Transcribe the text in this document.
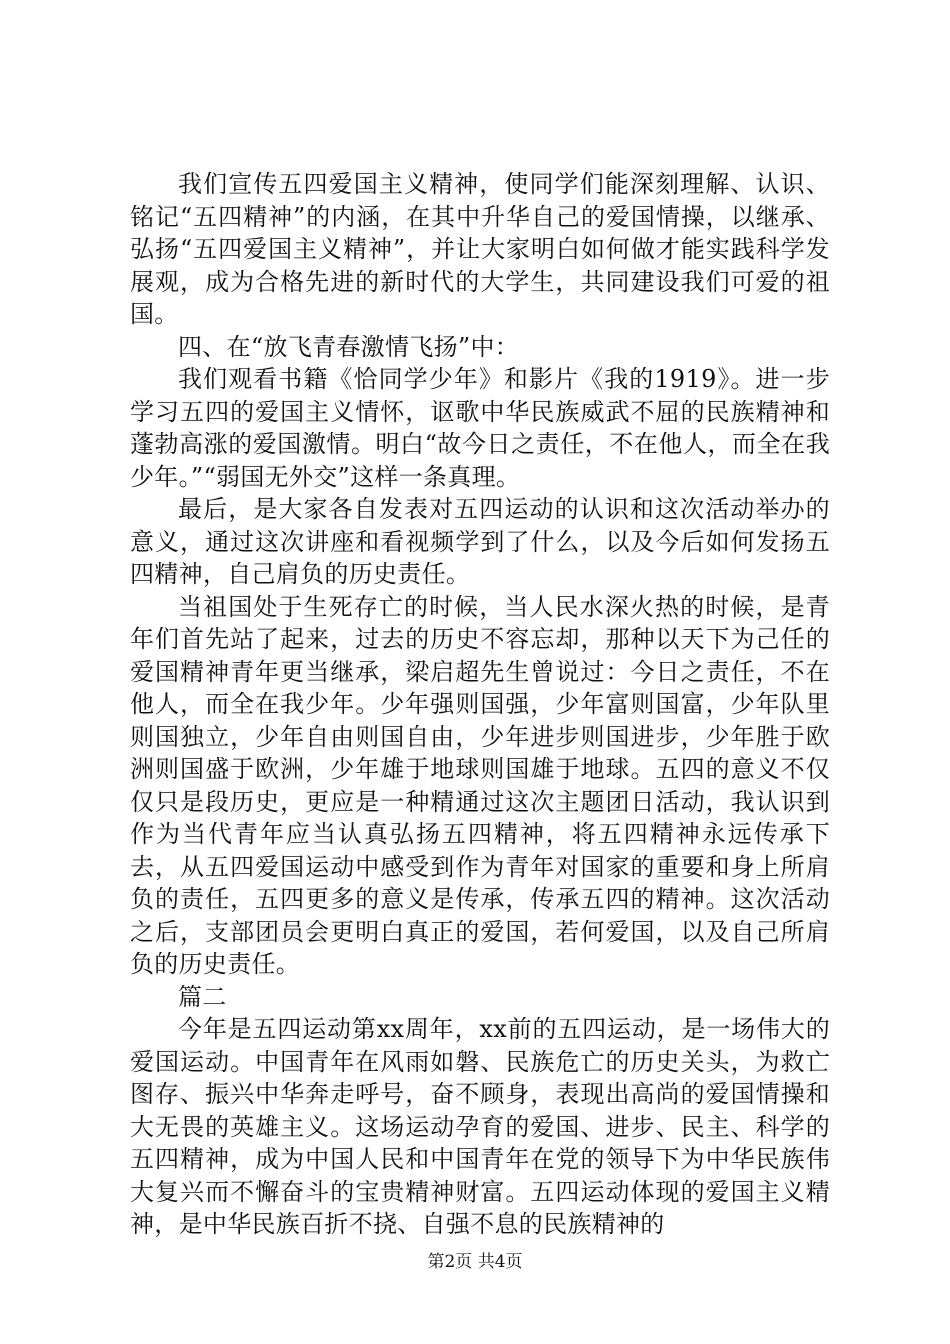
我们宣传五四爱国主义精神，使同学们能深刻理解、认识、铭记“五四精神”的内涵，在其中升华自己的爱国情操，以继承、弘扬“五四爱国主义精神”，并让大家明白如何做才能实践科学发展观，成为合格先进的新时代的大学生，共同建设我们可爱的祖国。

四、在“放飞青春激情飞扬”中：

我们观看书籍《恰同学少年》和影片《我的1919》。进一步学习五四的爱国主义情怀，讴歌中华民族威武不屈的民族精神和蓬勃高涨的爱国激情。明白“故今日之责任，不在他人，而全在我少年。”“弱国无外交”这样一条真理。

最后，是大家各自发表对五四运动的认识和这次活动举办的意义，通过这次讲座和看视频学到了什么，以及今后如何发扬五四精神，自己肩负的历史责任。

当祖国处于生死存亡的时候，当人民水深火热的时候，是青年们首先站了起来，过去的历史不容忘却，那种以天下为己任的爱国精神青年更当继承，梁启超先生曾说过：今日之责任，不在他人，而全在我少年。少年强则国强，少年富则国富，少年队里则国独立，少年自由则国自由，少年进步则国进步，少年胜于欧洲则国盛于欧洲，少年雄于地球则国雄于地球。五四的意义不仅仅只是段历史，更应是一种精通过这次主题团日活动，我认识到作为当代青年应当认真弘扬五四精神，将五四精神永远传承下去，从五四爱国运动中感受到作为青年对国家的重要和身上所肩负的责任，五四更多的意义是传承，传承五四的精神。这次活动之后，支部团员会更明白真正的爱国，若何爱国，以及自己所肩负的历史责任。

篇二

今年是五四运动第xx周年，xx前的五四运动，是一场伟大的爱国运动。中国青年在风雨如磐、民族危亡的历史关头，为救亡图存、振兴中华奔走呼号，奋不顾身，表现出高尚的爱国情操和大无畏的英雄主义。这场运动孕育的爱国、进步、民主、科学的五四精神，成为中国人民和中国青年在党的领导下为中华民族伟大复兴而不懈奋斗的宝贵精神财富。五四运动体现的爱国主义精神，是中华民族百折不挠、自强不息的民族精神的

第2页 共4页
